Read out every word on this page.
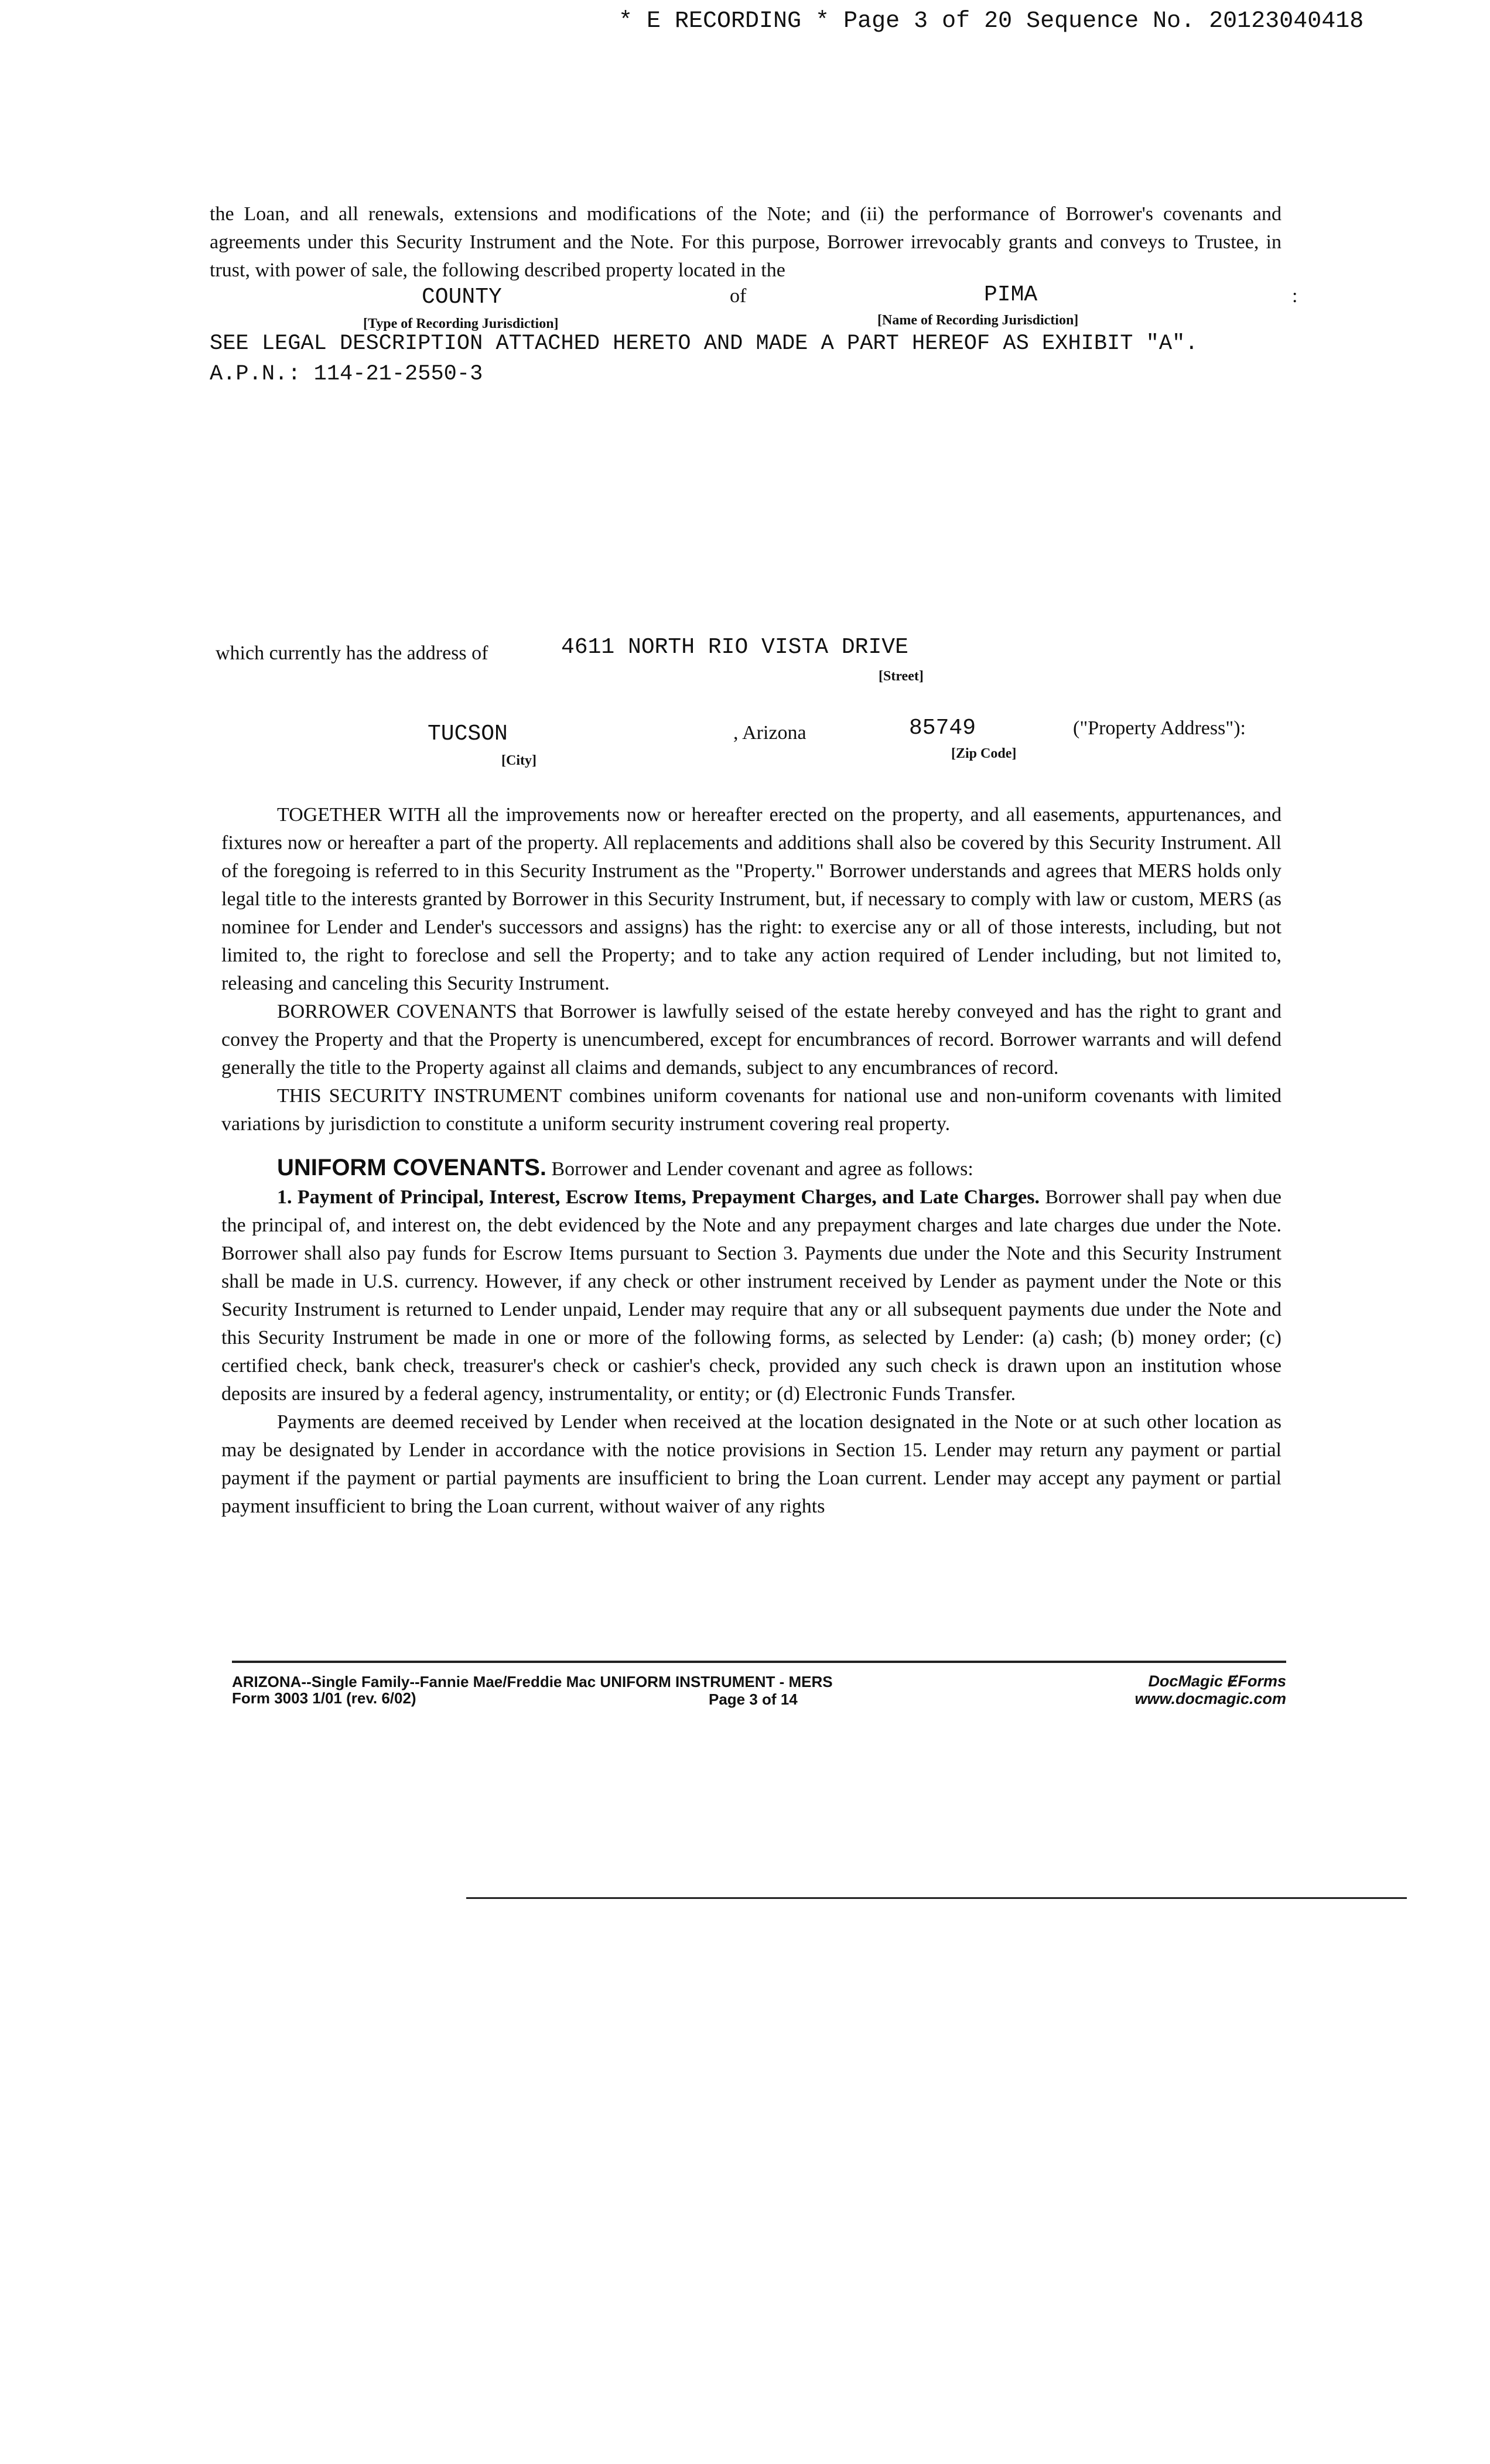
* E RECORDING * Page 3 of 20 Sequence No. 20123040418
the Loan, and all renewals, extensions and modifications of the Note; and (ii) the performance of Borrower's covenants and agreements under this Security Instrument and the Note. For this purpose, Borrower irrevocably grants and conveys to Trustee, in trust, with power of sale, the following described property located in the
COUNTY	of	PIMA	:
[Type of Recording Jurisdiction]	[Name of Recording Jurisdiction]
SEE LEGAL DESCRIPTION ATTACHED HERETO AND MADE A PART HEREOF AS EXHIBIT "A".
A.P.N.: 114-21-2550-3
which currently has the address of	4611 NORTH RIO VISTA DRIVE
[Street]
TUCSON	, Arizona	85749	("Property Address"):
[City]	[Zip Code]

TOGETHER WITH all the improvements now or hereafter erected on the property, and all easements, appurtenances, and fixtures now or hereafter a part of the property. All replacements and additions shall also be covered by this Security Instrument. All of the foregoing is referred to in this Security Instrument as the "Property." Borrower understands and agrees that MERS holds only legal title to the interests granted by Borrower in this Security Instrument, but, if necessary to comply with law or custom, MERS (as nominee for Lender and Lender's successors and assigns) has the right: to exercise any or all of those interests, including, but not limited to, the right to foreclose and sell the Property; and to take any action required of Lender including, but not limited to, releasing and canceling this Security Instrument.

BORROWER COVENANTS that Borrower is lawfully seised of the estate hereby conveyed and has the right to grant and convey the Property and that the Property is unencumbered, except for encumbrances of record. Borrower warrants and will defend generally the title to the Property against all claims and demands, subject to any encumbrances of record.

THIS SECURITY INSTRUMENT combines uniform covenants for national use and non-uniform covenants with limited variations by jurisdiction to constitute a uniform security instrument covering real property.

UNIFORM COVENANTS. Borrower and Lender covenant and agree as follows:

1. Payment of Principal, Interest, Escrow Items, Prepayment Charges, and Late Charges. Borrower shall pay when due the principal of, and interest on, the debt evidenced by the Note and any prepayment charges and late charges due under the Note. Borrower shall also pay funds for Escrow Items pursuant to Section 3. Payments due under the Note and this Security Instrument shall be made in U.S. currency. However, if any check or other instrument received by Lender as payment under the Note or this Security Instrument is returned to Lender unpaid, Lender may require that any or all subsequent payments due under the Note and this Security Instrument be made in one or more of the following forms, as selected by Lender: (a) cash; (b) money order; (c) certified check, bank check, treasurer's check or cashier's check, provided any such check is drawn upon an institution whose deposits are insured by a federal agency, instrumentality, or entity; or (d) Electronic Funds Transfer.

Payments are deemed received by Lender when received at the location designated in the Note or at such other location as may be designated by Lender in accordance with the notice provisions in Section 15. Lender may return any payment or partial payment if the payment or partial payments are insufficient to bring the Loan current. Lender may accept any payment or partial payment insufficient to bring the Loan current, without waiver of any rights

ARIZONA--Single Family--Fannie Mae/Freddie Mac UNIFORM INSTRUMENT - MERS
Form 3003 1/01 (rev. 6/02)	Page 3 of 14
DocMagic ɆForms
www.docmagic.com
